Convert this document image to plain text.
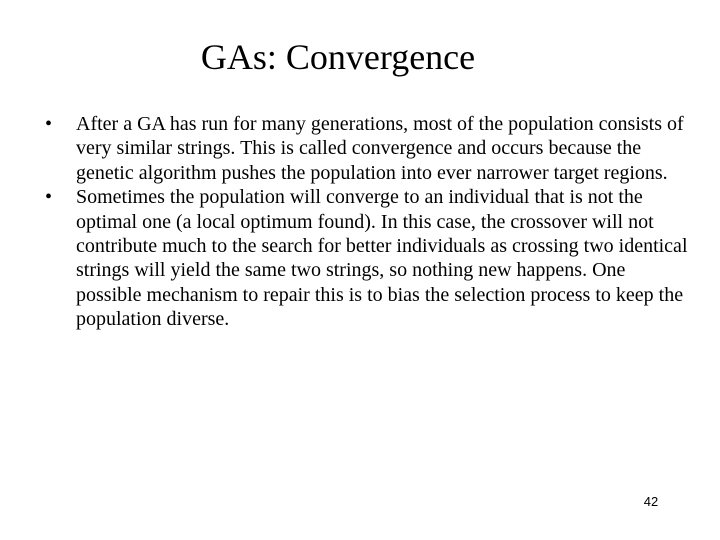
GAs: Convergence
• After a GA has run for many generations, most of the population consists of very similar strings. This is called convergence and occurs because the genetic algorithm pushes the population into ever narrower target regions.
• Sometimes the population will converge to an individual that is not the optimal one (a local optimum found). In this case, the crossover will not contribute much to the search for better individuals as crossing two identical strings will yield the same two strings, so nothing new happens. One possible mechanism to repair this is to bias the selection process to keep the population diverse.
42
